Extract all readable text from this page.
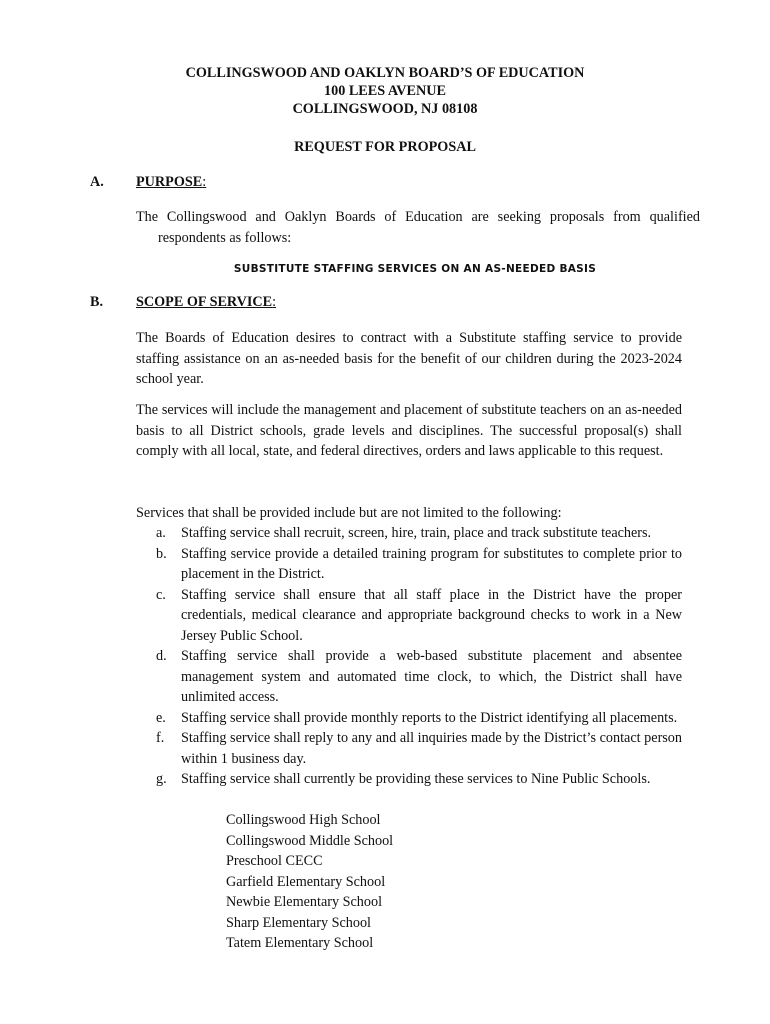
COLLINGSWOOD AND OAKLYN BOARD’S OF EDUCATION
100 LEES AVENUE
COLLINGSWOOD, NJ 08108
REQUEST FOR PROPOSAL
A. PURPOSE:
The Collingswood and Oaklyn Boards of Education are seeking proposals from qualified respondents as follows:
SUBSTITUTE STAFFING SERVICES ON AN AS-NEEDED BASIS
B. SCOPE OF SERVICE:
The Boards of Education desires to contract with a Substitute staffing service to provide staffing assistance on an as-needed basis for the benefit of our children during the 2023-2024 school year.
The services will include the management and placement of substitute teachers on an as-needed basis to all District schools, grade levels and disciplines. The successful proposal(s) shall comply with all local, state, and federal directives, orders and laws applicable to this request.
Services that shall be provided include but are not limited to the following:
a. Staffing service shall recruit, screen, hire, train, place and track substitute teachers.
b. Staffing service provide a detailed training program for substitutes to complete prior to placement in the District.
c. Staffing service shall ensure that all staff place in the District have the proper credentials, medical clearance and appropriate background checks to work in a New Jersey Public School.
d. Staffing service shall provide a web-based substitute placement and absentee management system and automated time clock, to which, the District shall have unlimited access.
e. Staffing service shall provide monthly reports to the District identifying all placements.
f. Staffing service shall reply to any and all inquiries made by the District’s contact person within 1 business day.
g. Staffing service shall currently be providing these services to Nine Public Schools.
Collingswood High School
Collingswood Middle School
Preschool CECC
Garfield Elementary School
Newbie Elementary School
Sharp Elementary School
Tatem Elementary School
